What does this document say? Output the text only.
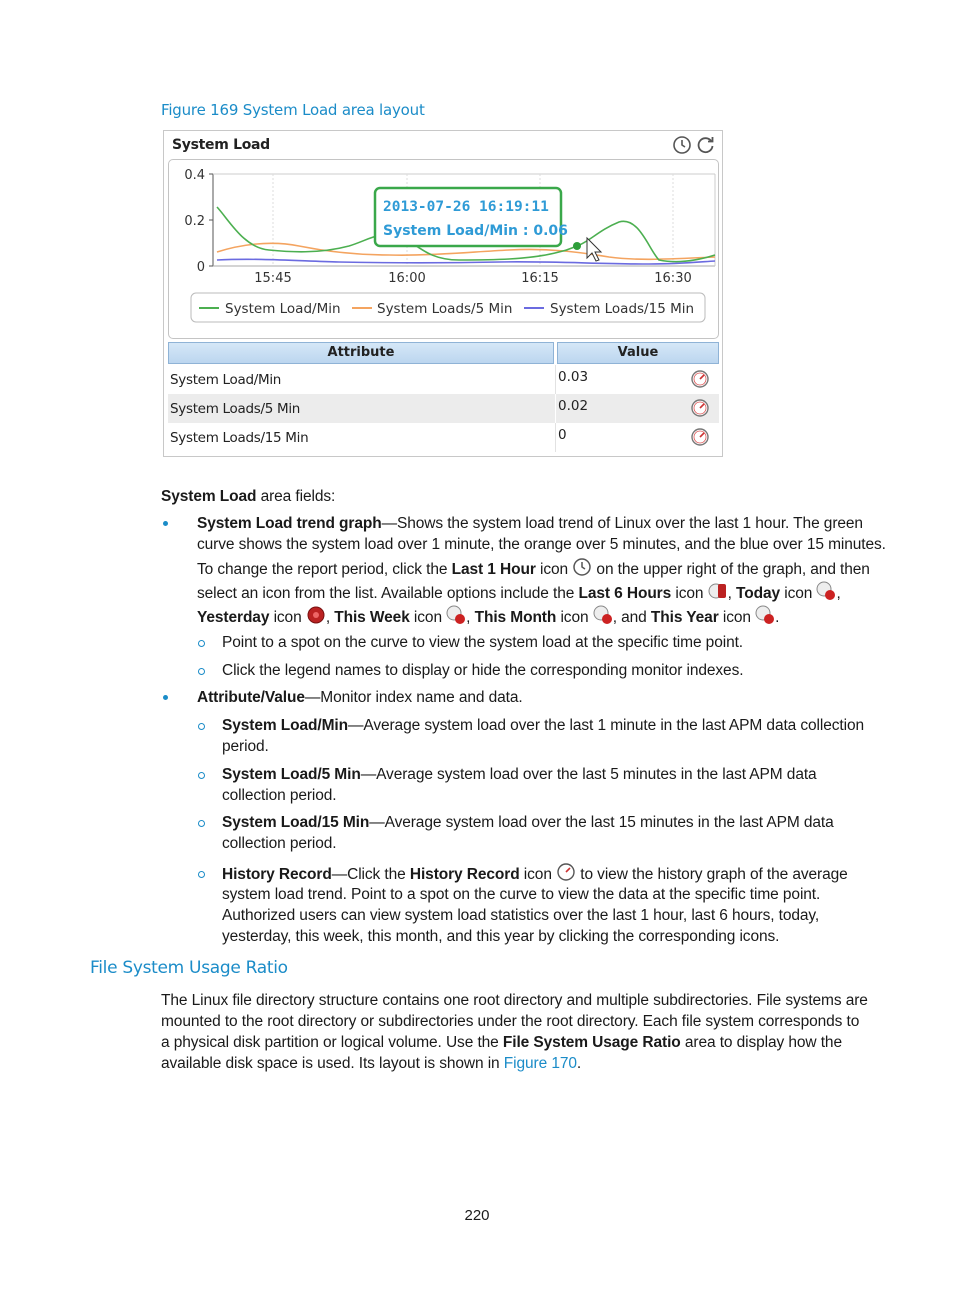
Figure 169 System Load area layout
System Load
0.4
0.2
0
15:45	16:00	16:15	16:30
2013-07-26 16:19:11
System Load/Min : 0.06
System Load/Min	System Loads/5 Min	System Loads/15 Min
Attribute	Value
System Load/Min	0.03
System Loads/5 Min	0.02
System Loads/15 Min	0
System Load area fields:
System Load trend graph—Shows the system load trend of Linux over the last 1 hour. The green
curve shows the system load over 1 minute, the orange over 5 minutes, and the blue over 15 minutes.
To change the report period, click the Last 1 Hour icon  on the upper right of the graph, and then
select an icon from the list. Available options include the Last 6 Hours icon , Today icon ,
Yesterday icon , This Week icon , This Month icon , and This Year icon .
Point to a spot on the curve to view the system load at the specific time point.
Click the legend names to display or hide the corresponding monitor indexes.
Attribute/Value—Monitor index name and data.
System Load/Min—Average system load over the last 1 minute in the last APM data collection
period.
System Load/5 Min—Average system load over the last 5 minutes in the last APM data
collection period.
System Load/15 Min—Average system load over the last 15 minutes in the last APM data
collection period.
History Record—Click the History Record icon  to view the history graph of the average
system load trend. Point to a spot on the curve to view the data at the specific time point.
Authorized users can view system load statistics over the last 1 hour, last 6 hours, today,
yesterday, this week, this month, and this year by clicking the corresponding icons.
File System Usage Ratio
The Linux file directory structure contains one root directory and multiple subdirectories. File systems are
mounted to the root directory or subdirectories under the root directory. Each file system corresponds to
a physical disk partition or logical volume. Use the File System Usage Ratio area to display how the
available disk space is used. Its layout is shown in Figure 170.
220
